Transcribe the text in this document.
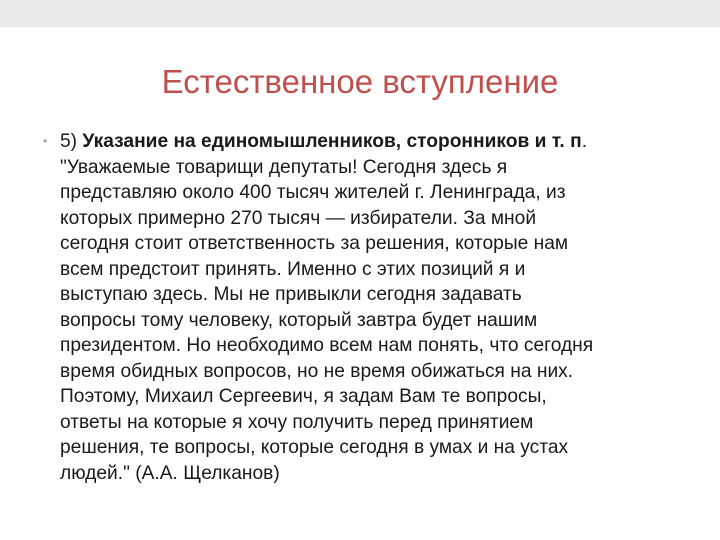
Естественное вступление
• 5) Указание на единомышленников, сторонников и т. п .
"Уважаемые товарищи депутаты! Сегодня здесь я
представляю около 400 тысяч жителей г. Ленинграда, из
которых примерно 270 тысяч — избиратели. За мной
сегодня стоит ответственность за решения, которые нам
всем предстоит принять. Именно с этих позиций я и
выступаю здесь. Мы не привыкли сегодня задавать
вопросы тому человеку, который завтра будет нашим
президентом. Но необходимо всем нам понять, что сегодня
время обидных вопросов, но не время обижаться на них.
Поэтому, Михаил Сергеевич, я задам Вам те вопросы,
ответы на которые я хочу получить перед принятием
решения, те вопросы, которые сегодня в умах и на устах
людей." (А.А. Щелканов)
